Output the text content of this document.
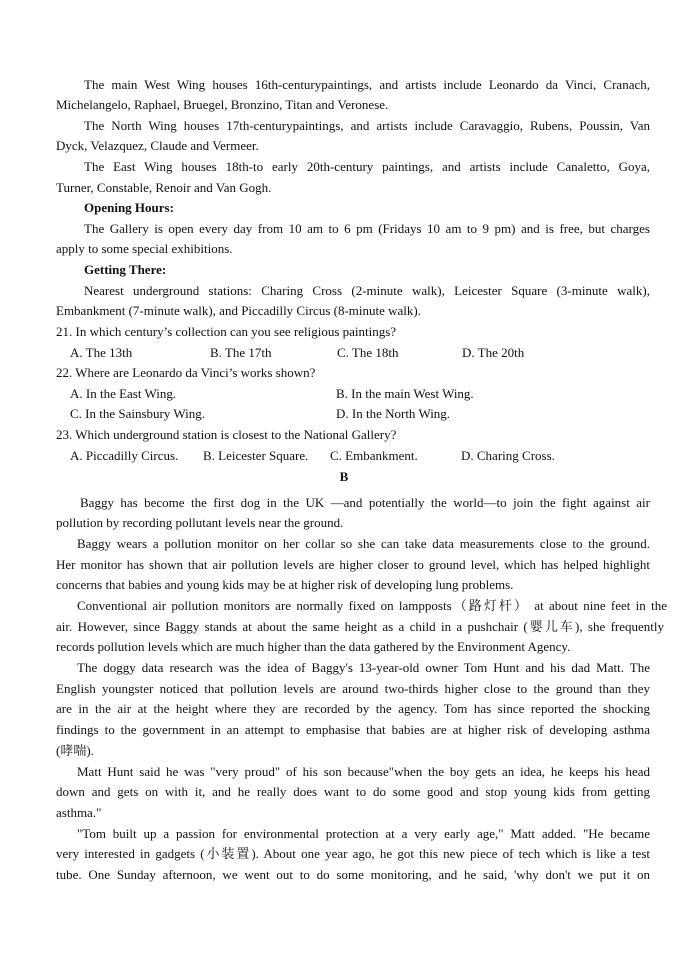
The main West Wing houses 16th-centurypaintings, and artists include Leonardo da Vinci, Cranach,
Michelangelo, Raphael, Bruegel, Bronzino, Titan and Veronese.
The North Wing houses 17th-centurypaintings, and artists include Caravaggio, Rubens, Poussin, Van
Dyck, Velazquez, Claude and Vermeer.
The East Wing houses 18th-to early 20th-century paintings, and artists include Canaletto, Goya,
Turner, Constable, Renoir and Van Gogh.
Opening Hours:
The Gallery is open every day from 10 am to 6 pm (Fridays 10 am to 9 pm) and is free, but charges
apply to some special exhibitions.
Getting There:
Nearest underground stations: Charing Cross (2-minute walk), Leicester Square (3-minute walk),
Embankment (7-minute walk), and Piccadilly Circus (8-minute walk).
21. In which century’s collection can you see religious paintings?
A. The 13th	B. The 17th	C. The 18th	D. The 20th
22. Where are Leonardo da Vinci’s works shown?
A. In the East Wing.	B. In the main West Wing.
C. In the Sainsbury Wing.	D. In the North Wing.
23. Which underground station is closest to the National Gallery?
A. Piccadilly Circus. B. Leicester Square. C. Embankment.	D. Charing Cross.
B
Baggy has become the first dog in the UK —and potentially the world—to join the fight against air
pollution by recording pollutant levels near the ground.
Baggy wears a pollution monitor on her collar so she can take data measurements close to the ground.
Her monitor has shown that air pollution levels are higher closer to ground level, which has helped highlight
concerns that babies and young kids may be at higher risk of developing lung problems.
Conventional air pollution monitors are normally fixed on lampposts（路灯杆） at about nine feet in the
air. However, since Baggy stands at about the same height as a child in a pushchair (婴儿车), she frequently
records pollution levels which are much higher than the data gathered by the Environment Agency.
The doggy data research was the idea of Baggy's 13-year-old owner Tom Hunt and his dad Matt. The
English youngster noticed that pollution levels are around two-thirds higher close to the ground than they
are in the air at the height where they are recorded by the agency. Tom has since reported the shocking
findings to the government in an attempt to emphasise that babies are at higher risk of developing asthma
(哮喘).
Matt Hunt said he was "very proud" of his son because"when the boy gets an idea, he keeps his head
down and gets on with it, and he really does want to do some good and stop young kids from getting
asthma."
"Tom built up a passion for environmental protection at a very early age," Matt added. "He became
very interested in gadgets (小装置). About one year ago, he got this new piece of tech which is like a test
tube. One Sunday afternoon, we went out to do some monitoring, and he said, 'why don't we put it on
